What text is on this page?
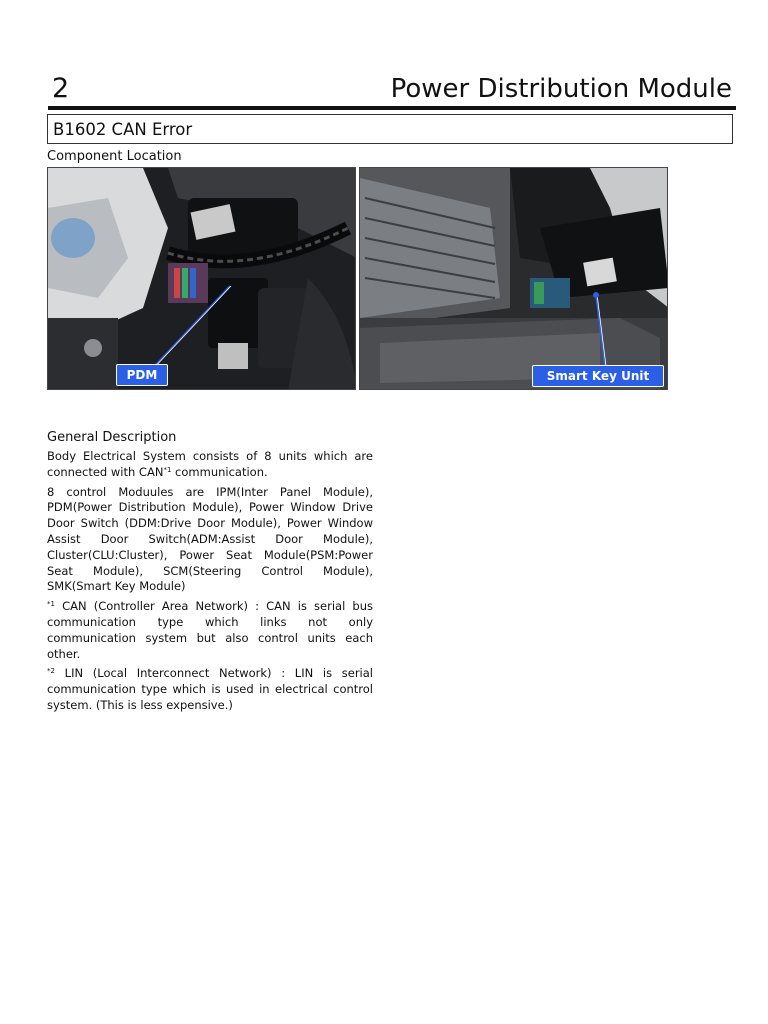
2	Power Distribution Module
B1602 CAN Error
Component Location
PDM	Smart Key Unit
General Description

Body Electrical System consists of 8 units which are connected with CAN$^{*1}$ communication.

8 control Moduules are IPM(Inter Panel Module), PDM(Power Distribution Module), Power Window Drive Door Switch (DDM:Drive Door Module), Power Window Assist Door Switch(ADM:Assist Door Module), Cluster(CLU:Cluster), Power Seat Module(PSM:Power Seat Module), SCM(Steering Control Module), SMK(Smart Key Module)

$^{*1}$ CAN (Controller Area Network) : CAN is serial bus communication type which links not only communication system but also control units each other.

$^{*2}$ LIN (Local Interconnect Network) : LIN is serial communication type which is used in electrical control system. (This is less expensive.)
